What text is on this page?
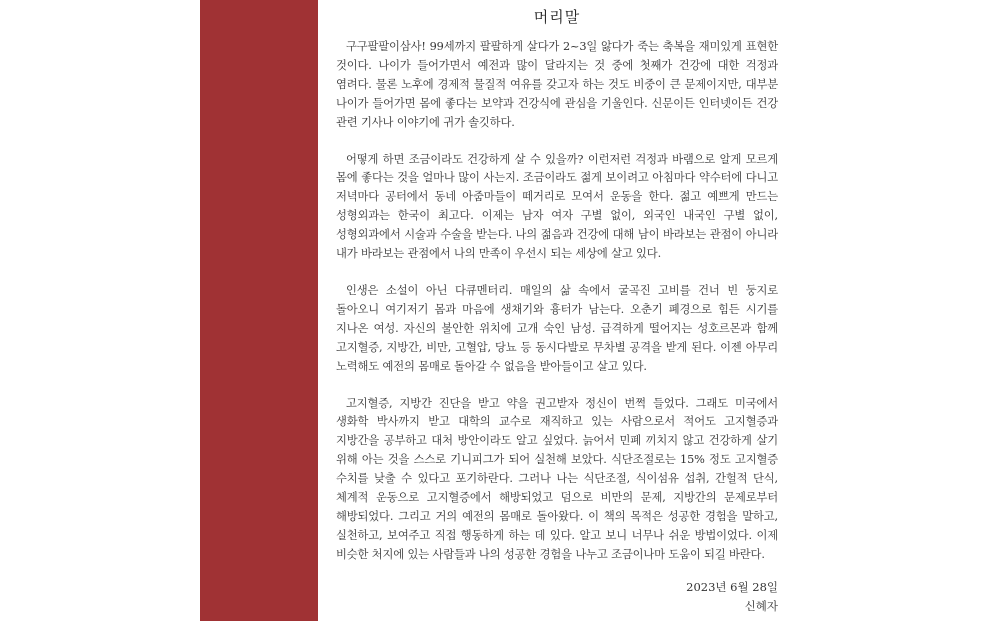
머리말

구구팔팔이삼사! 99세까지 팔팔하게 살다가 2~3일 앓다가 죽는 축복을 재미있게 표현한 것이다. 나이가 들어가면서 예전과 많이 달라지는 것 중에 첫째가 건강에 대한 걱정과 염려다. 물론 노후에 경제적 물질적 여유를 갖고자 하는 것도 비중이 큰 문제이지만, 대부분 나이가 들어가면 몸에 좋다는 보약과 건강식에 관심을 기울인다. 신문이든 인터넷이든 건강 관련 기사나 이야기에 귀가 솔깃하다.

어떻게 하면 조금이라도 건강하게 살 수 있을까? 이런저런 걱정과 바램으로 알게 모르게 몸에 좋다는 것을 얼마나 많이 사는지. 조금이라도 젊게 보이려고 아침마다 약수터에 다니고 저녁마다 공터에서 동네 아줌마들이 떼거리로 모여서 운동을 한다. 젊고 예쁘게 만드는 성형외과는 한국이 최고다. 이제는 남자 여자 구별 없이, 외국인 내국인 구별 없이, 성형외과에서 시술과 수술을 받는다. 나의 젊음과 건강에 대해 남이 바라보는 관점이 아니라 내가 바라보는 관점에서 나의 만족이 우선시 되는 세상에 살고 있다.

인생은 소설이 아닌 다큐멘터리. 매일의 삶 속에서 굴곡진 고비를 건너 빈 둥지로 돌아오니 여기저기 몸과 마음에 생채기와 흉터가 남는다. 오춘기 폐경으로 힘든 시기를 지나온 여성. 자신의 불안한 위치에 고개 숙인 남성. 급격하게 떨어지는 성호르몬과 함께 고지혈증, 지방간, 비만, 고혈압, 당뇨 등 동시다발로 무차별 공격을 받게 된다. 이젠 아무리 노력해도 예전의 몸매로 돌아갈 수 없음을 받아들이고 살고 있다.

고지혈증, 지방간 진단을 받고 약을 권고받자 정신이 번쩍 들었다. 그래도 미국에서 생화학 박사까지 받고 대학의 교수로 재직하고 있는 사람으로서 적어도 고지혈증과 지방간을 공부하고 대처 방안이라도 알고 싶었다. 늙어서 민폐 끼치지 않고 건강하게 살기 위해 아는 것을 스스로 기니피그가 되어 실천해 보았다. 식단조절로는 15% 정도 고지혈증 수치를 낮출 수 있다고 포기하란다. 그러나 나는 식단조절, 식이섬유 섭취, 간헐적 단식, 체계적 운동으로 고지혈증에서 해방되었고 덤으로 비만의 문제, 지방간의 문제로부터 해방되었다. 그리고 거의 예전의 몸매로 돌아왔다. 이 책의 목적은 성공한 경험을 말하고, 실천하고, 보여주고 직접 행동하게 하는 데 있다. 알고 보니 너무나 쉬운 방법이었다. 이제 비슷한 처지에 있는 사람들과 나의 성공한 경험을 나누고 조금이나마 도움이 되길 바란다.

2023년 6월 28일
신혜자
